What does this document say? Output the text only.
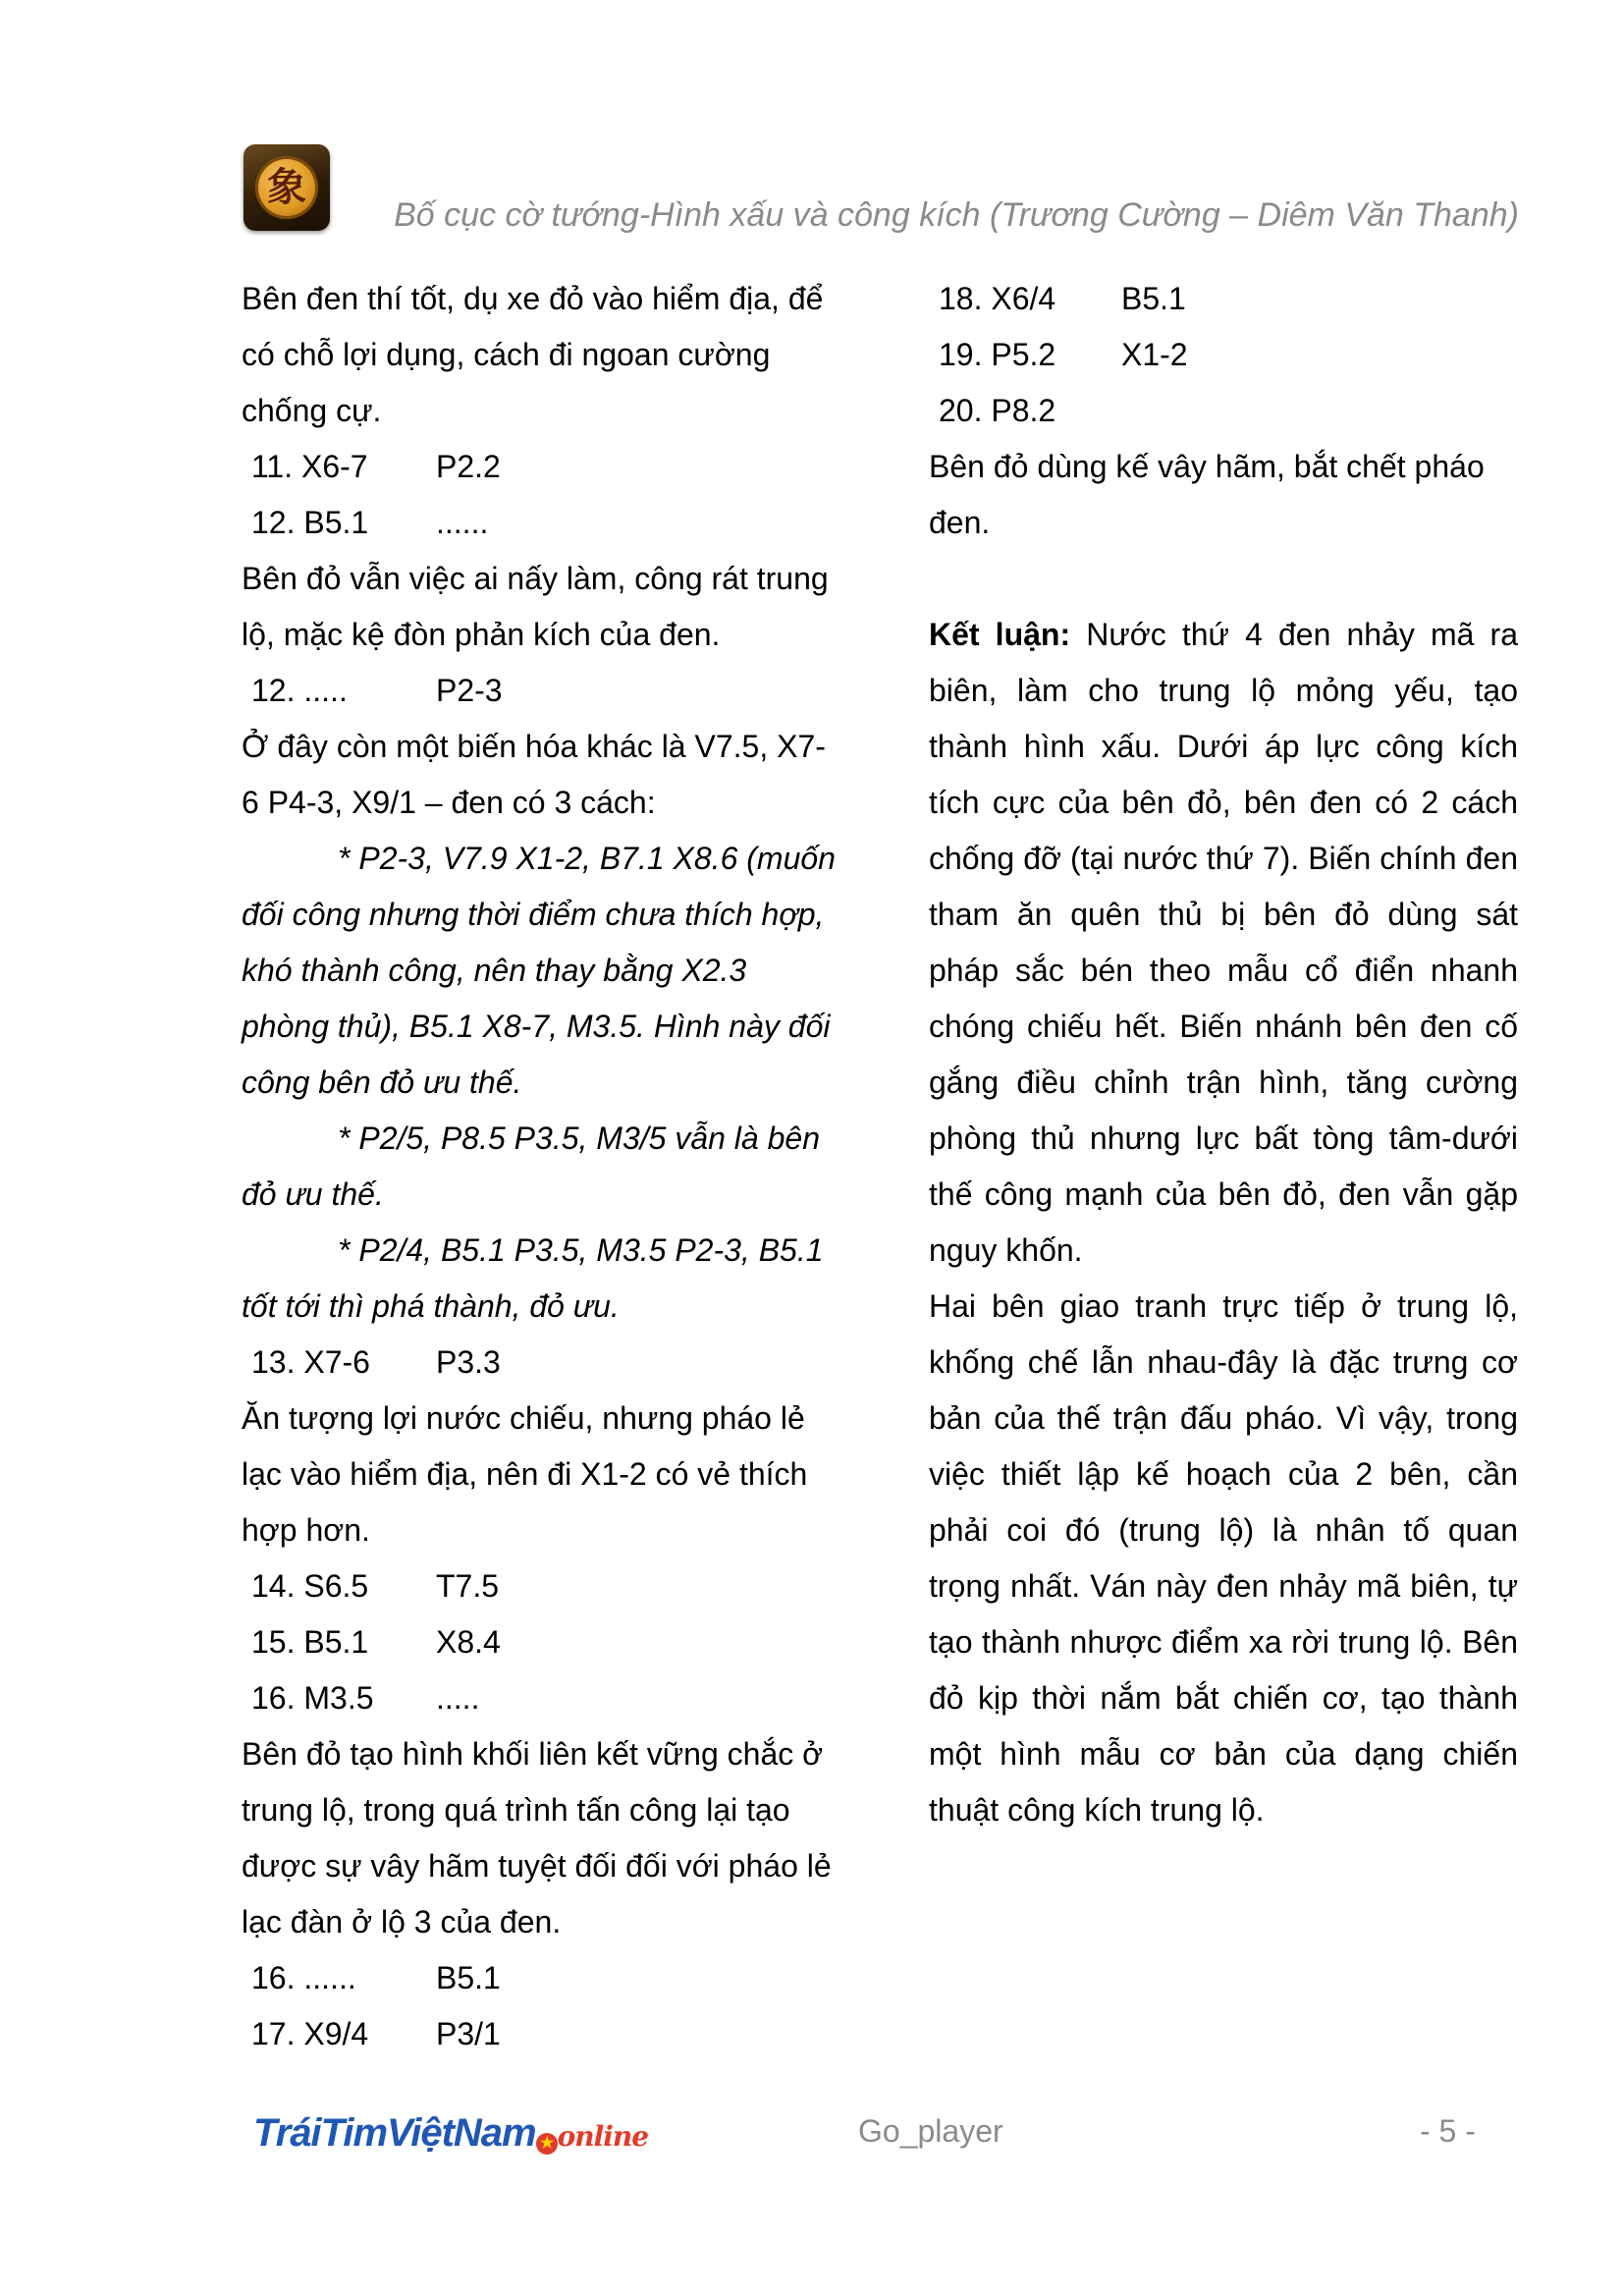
象
Bố cục cờ tướng-Hình xấu và công kích (Trương Cường – Diêm Văn Thanh)

Bên đen thí tốt, dụ xe đỏ vào hiểm địa, để có chỗ lợi dụng, cách đi ngoan cường chống cự.

11. X6-7 P2.2

12. B5.1 ......

Bên đỏ vẫn việc ai nấy làm, công rát trung lộ, mặc kệ đòn phản kích của đen.

12. .....	P2-3

Ở đây còn một biến hóa khác là V7.5, X7-6 P4-3, X9/1 – đen có 3 cách:

* P2-3, V7.9 X1-2, B7.1 X8.6 (muốn đối công nhưng thời điểm chưa thích hợp, khó thành công, nên thay bằng X2.3 phòng thủ), B5.1 X8-7, M3.5. Hình này đối công bên đỏ ưu thế.

* P2/5, P8.5 P3.5, M3/5 vẫn là bên đỏ ưu thế.

* P2/4, B5.1 P3.5, M3.5 P2-3, B5.1 tốt tới thì phá thành, đỏ ưu.

13. X7-6 P3.3

Ăn tượng lợi nước chiếu, nhưng pháo lẻ lạc vào hiểm địa, nên đi X1-2 có vẻ thích hợp hơn.

14. S6.5 T7.5

15. B5.1 X8.4

16. M3.5 .....

Bên đỏ tạo hình khối liên kết vững chắc ở trung lộ, trong quá trình tấn công lại tạo được sự vây hãm tuyệt đối đối với pháo lẻ lạc đàn ở lộ 3 của đen.

16. ......	B5.1

17. X9/4 P3/1

18. X6/4 B5.1

19. P5.2 X1-2

20. P8.2

Bên đỏ dùng kế vây hãm, bắt chết pháo đen.

Kết luận: Nước thứ 4 đen nhảy mã ra biên, làm cho trung lộ mỏng yếu, tạo thành hình xấu. Dưới áp lực công kích tích cực của bên đỏ, bên đen có 2 cách chống đỡ (tại nước thứ 7). Biến chính đen tham ăn quên thủ bị bên đỏ dùng sát pháp sắc bén theo mẫu cổ điển nhanh chóng chiếu hết. Biến nhánh bên đen cố gắng điều chỉnh trận hình, tăng cường phòng thủ nhưng lực bất tòng tâm-dưới thế công mạnh của bên đỏ, đen vẫn gặp nguy khốn.

Hai bên giao tranh trực tiếp ở trung lộ, khống chế lẫn nhau-đây là đặc trưng cơ bản của thế trận đấu pháo. Vì vậy, trong việc thiết lập kế hoạch của 2 bên, cần phải coi đó (trung lộ) là nhân tố quan trọng nhất. Ván này đen nhảy mã biên, tự tạo thành nhược điểm xa rời trung lộ. Bên đỏ kịp thời nắm bắt chiến cơ, tạo thành một hình mẫu cơ bản của dạng chiến thuật công kích trung lộ.

TráiTimViệtNam ★ online	Go_player	- 5 -
